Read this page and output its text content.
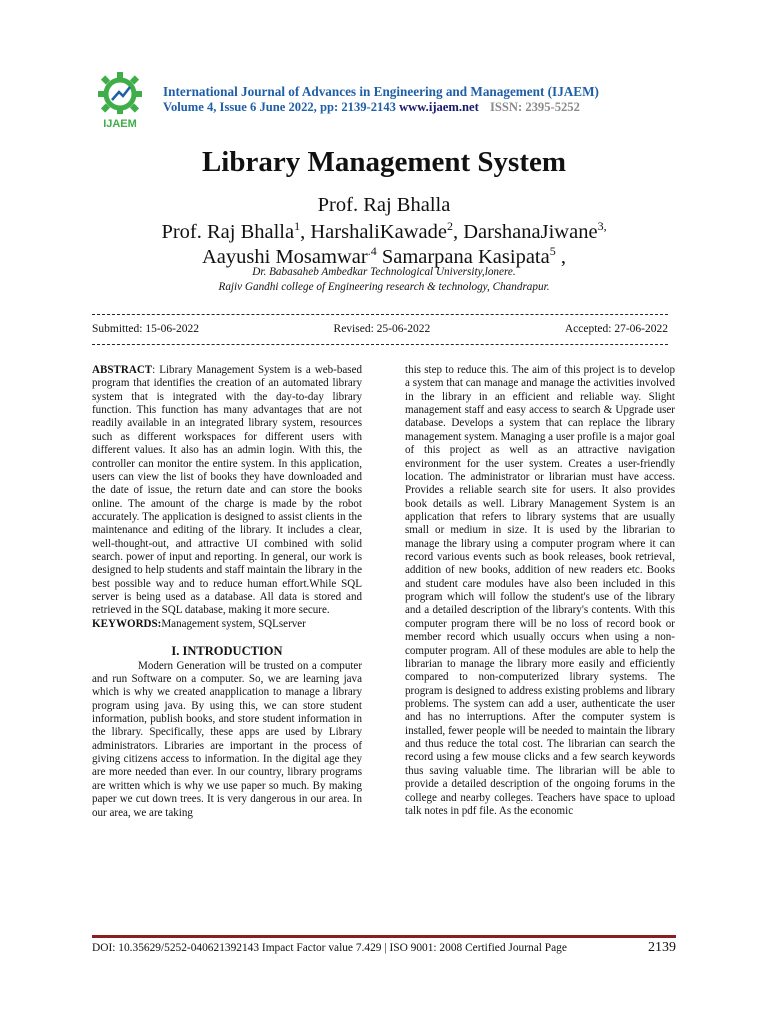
IJAEM
International Journal of Advances in Engineering and Management (IJAEM)
Volume 4, Issue 6 June 2022, pp: 2139-2143 www.ijaem.net ISSN: 2395-5252
Library Management System
Prof. Raj Bhalla
Prof. Raj Bhalla$^1$, HarshaliKawade$^2$, DarshanaJiwane$^{3,}$
Aayushi Mosamwar$^{.4}$ Samarpana Kasipata$^5$ ,
Dr. Babasaheb Ambedkar Technological University,lonere.
Rajiv Gandhi college of Engineering research & technology, Chandrapur.
Submitted: 15-06-2022	Revised: 25-06-2022	Accepted: 27-06-2022

ABSTRACT: Library Management System is a web-based program that identifies the creation of an automated library system that is integrated with the day-to-day library function. This function has many advantages that are not readily available in an integrated library system, resources such as different workspaces for different users with different values. It also has an admin login. With this, the controller can monitor the entire system. In this application, users can view the list of books they have downloaded and the date of issue, the return date and can store the books online. The amount of the charge is made by the robot accurately. The application is designed to assist clients in the maintenance and editing of the library. It includes a clear, well-thought-out, and attractive UI combined with solid search. power of input and reporting. In general, our work is designed to help students and staff maintain the library in the best possible way and to reduce human effort.While SQL server is being used as a database. All data is stored and retrieved in the SQL database, making it more secure.

KEYWORDS:Management system, SQLserver

I. INTRODUCTION

Modern Generation will be trusted on a computer and run Software on a computer. So, we are learning java which is why we created anapplication to manage a library program using java. By using this, we can store student information, publish books, and store student information in the library. Specifically, these apps are used by Library administrators. Libraries are important in the process of giving citizens access to information. In the digital age they are more needed than ever. In our country, library programs are written which is why we use paper so much. By making paper we cut down trees. It is very dangerous in our area. In our area, we are taking

this step to reduce this. The aim of this project is to develop a system that can manage and manage the activities involved in the library in an efficient and reliable way. Slight management staff and easy access to search & Upgrade user database. Develops a system that can replace the library management system. Managing a user profile is a major goal of this project as well as an attractive navigation environment for the user system. Creates a user-friendly location. The administrator or librarian must have access. Provides a reliable search site for users. It also provides book details as well. Library Management System is an application that refers to library systems that are usually small or medium in size. It is used by the librarian to manage the library using a computer program where it can record various events such as book releases, book retrieval, addition of new books, addition of new readers etc. Books and student care modules have also been included in this program which will follow the student's use of the library and a detailed description of the library's contents. With this computer program there will be no loss of record book or member record which usually occurs when using a non-computer program. All of these modules are able to help the librarian to manage the library more easily and efficiently compared to non-computerized library systems. The program is designed to address existing problems and library problems. The system can add a user, authenticate the user and has no interruptions. After the computer system is installed, fewer people will be needed to maintain the library and thus reduce the total cost. The librarian can search the record using a few mouse clicks and a few search keywords thus saving valuable time. The librarian will be able to provide a detailed description of the ongoing forums in the college and nearby colleges. Teachers have space to upload talk notes in pdf file. As the economic

DOI: 10.35629/5252-040621392143 Impact Factor value 7.429 | ISO 9001: 2008 Certified Journal Page	2139
